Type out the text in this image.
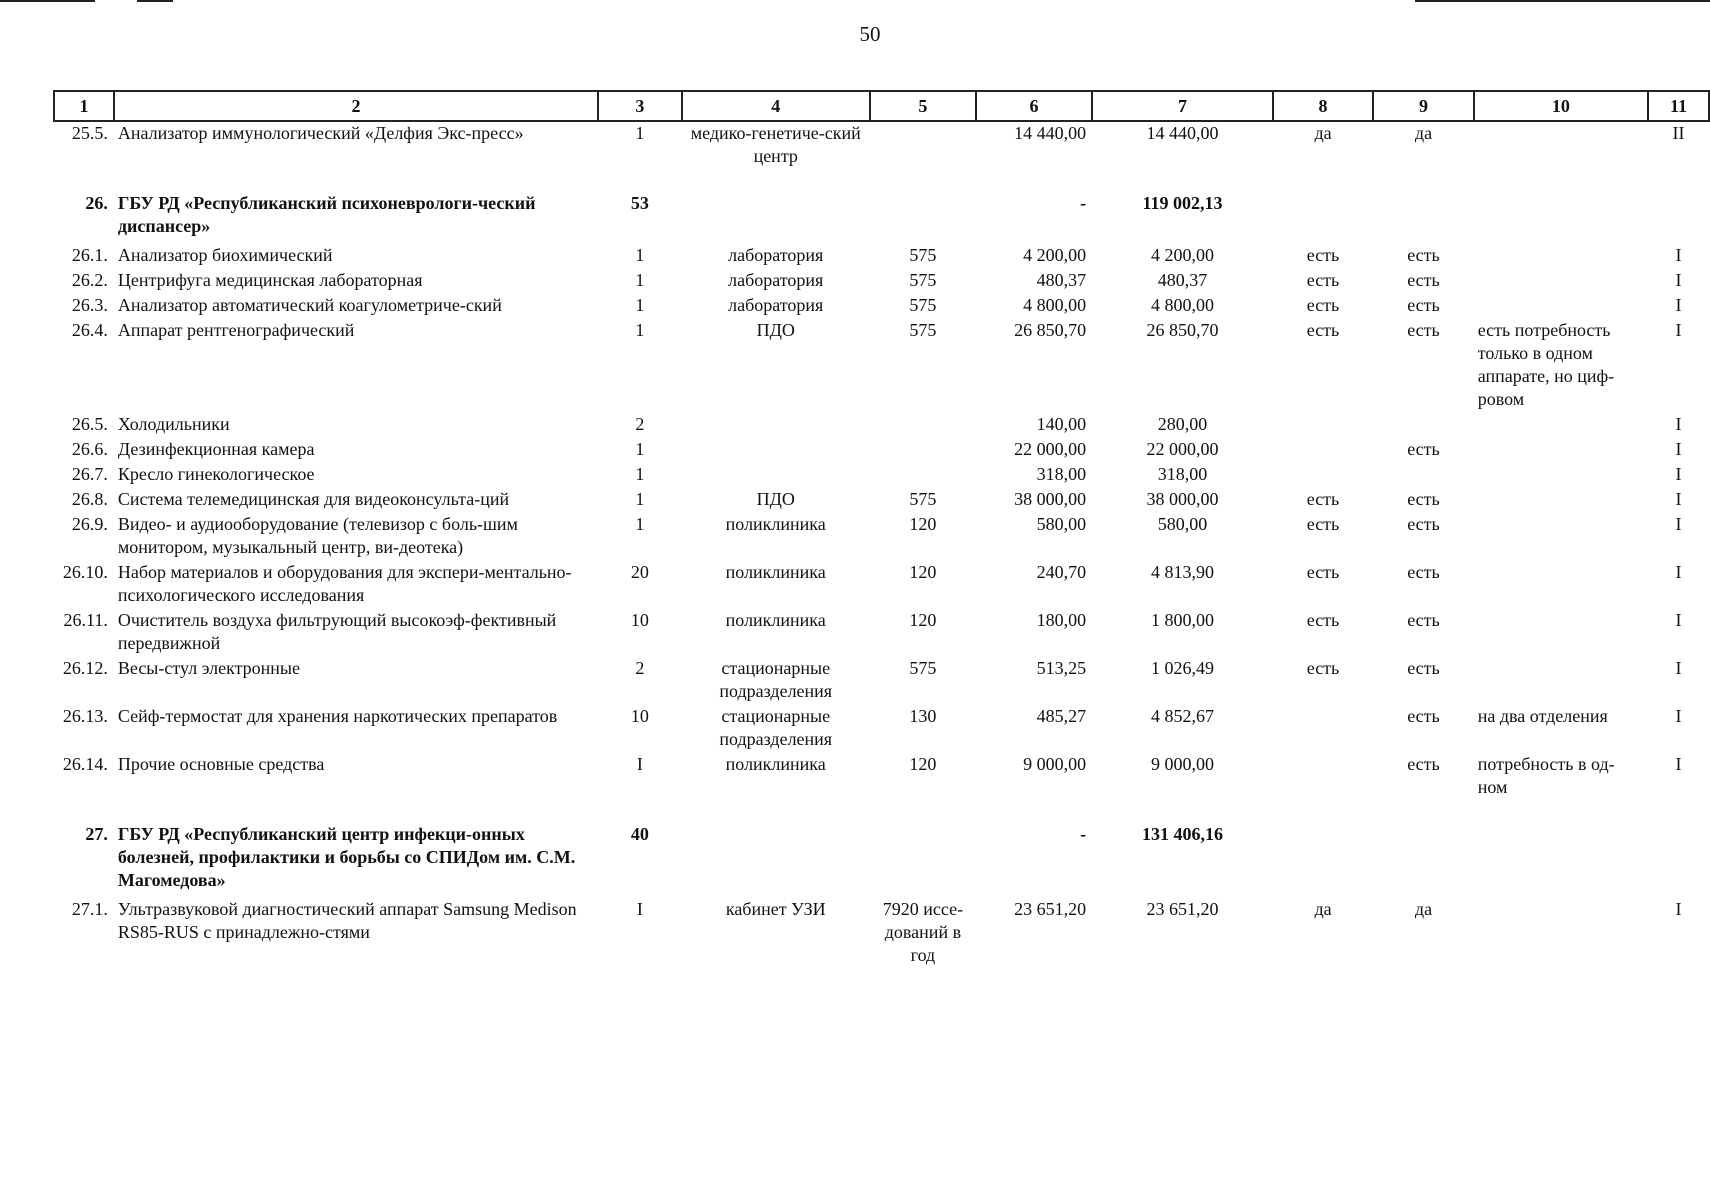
50
1	2	3	4	5	6	7	8	9	10	11
25.5.	Анализатор иммунологический «Делфия Экс-пресс»	1	медико-генетиче-ский центр		14 440,00	14 440,00	да	да		II
26.	ГБУ РД «Республиканский психоневрологи-ческий диспансер»	53			-	119 002,13				
26.1.	Анализатор биохимический	1	лаборатория	575	4 200,00	4 200,00	есть	есть		I
26.2.	Центрифуга медицинская лабораторная	1	лаборатория	575	480,37	480,37	есть	есть		I
26.3.	Анализатор автоматический коагулометриче-ский	1	лаборатория	575	4 800,00	4 800,00	есть	есть		I
26.4.	Аппарат рентгенографический	1	ПДО	575	26 850,70	26 850,70	есть	есть	есть потребность только в одном аппарате, но циф-ровом	I
26.5.	Холодильники	2			140,00	280,00				I
26.6.	Дезинфекционная камера	1			22 000,00	22 000,00		есть		I
26.7.	Кресло гинекологическое	1			318,00	318,00				I
26.8.	Система телемедицинская для видеоконсульта-ций	1	ПДО	575	38 000,00	38 000,00	есть	есть		I
26.9.	Видео- и аудиооборудование (телевизор с боль-шим монитором, музыкальный центр, ви-деотека)	1	поликлиника	120	580,00	580,00	есть	есть		I
26.10.	Набор материалов и оборудования для экспери-ментально-психологического исследования	20	поликлиника	120	240,70	4 813,90	есть	есть		I
26.11.	Очиститель воздуха фильтрующий высокоэф-фективный передвижной	10	поликлиника	120	180,00	1 800,00	есть	есть		I
26.12.	Весы-стул электронные	2	стационарные подразделения	575	513,25	1 026,49	есть	есть		I
26.13.	Сейф-термостат для хранения наркотических препаратов	10	стационарные подразделения	130	485,27	4 852,67		есть	на два отделения	I
26.14.	Прочие основные средства	I	поликлиника	120	9 000,00	9 000,00		есть	потребность в од-ном	I
27.	ГБУ РД «Республиканский центр инфекци-онных болезней, профилактики и борьбы со СПИДом им. С.М. Магомедова»	40			-	131 406,16				
27.1.	Ультразвуковой диагностический аппарат Samsung Medison RS85-RUS с принадлежно-стями	I	кабинет УЗИ	7920 иссе-дований в год	23 651,20	23 651,20	да	да		I
